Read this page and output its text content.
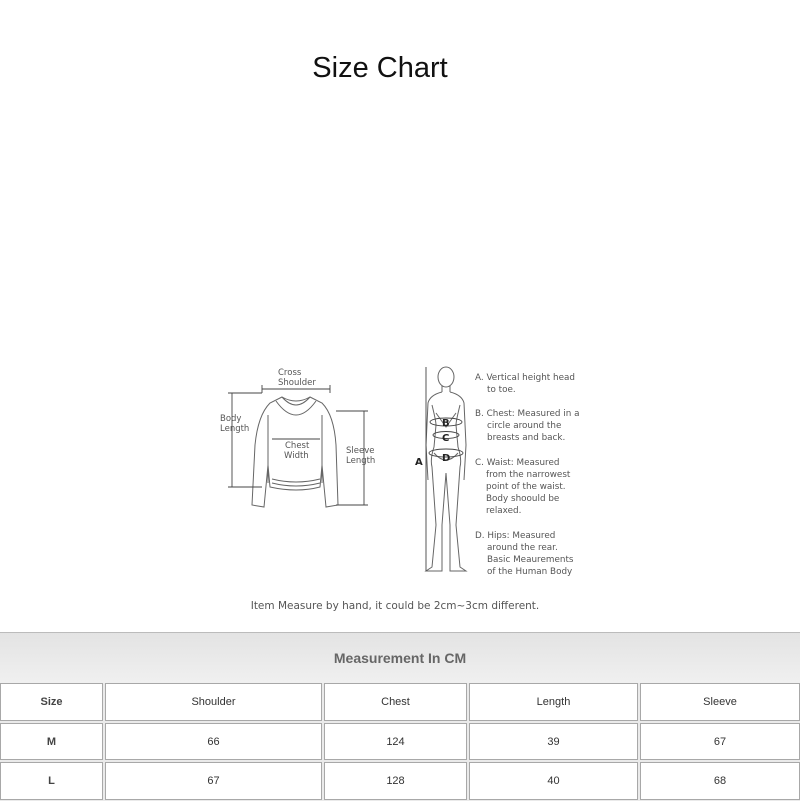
Size Chart
Cross
Shoulder
Body
Length
Chest
Width	Sleeve
Length	A
B
C
D
A. Vertical height head
to toe.
B. Chest: Measured in a
circle around the
breasts and back.
C. Waist: Measured
from the narrowest
point of the waist.
Body shoould be
relaxed.
D. Hips: Measured
around the rear.
Basic Meaurements
of the Human Body
Item Measure by hand, it could be 2cm~3cm different.
Measurement In CM
Size	Shoulder	Chest	Length	Sleeve
M	66	124	39	67
L	67	128	40	68
